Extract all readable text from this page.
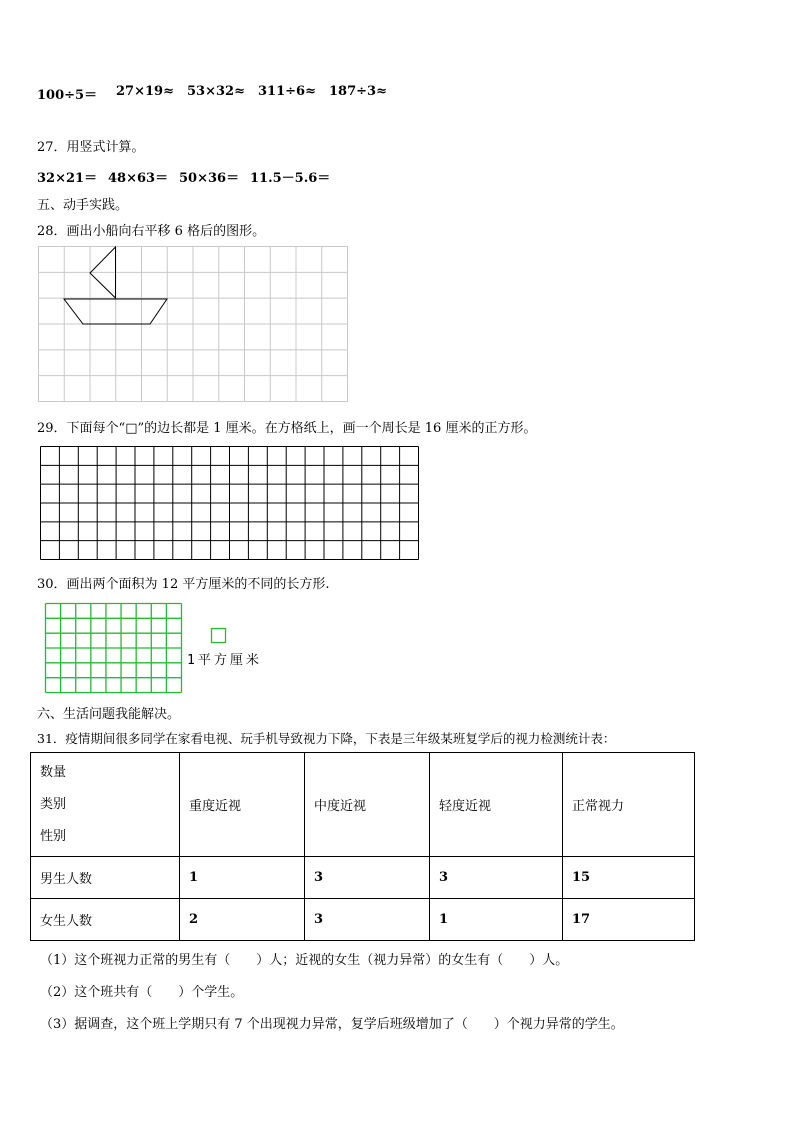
100÷5＝ 27×19≈ 53×32≈ 311÷6≈ 187÷3≈
27．用竖式计算。
32×21＝ 48×63＝ 50×36＝ 11.5－5.6＝
五、动手实践。
28．画出小船向右平移 6 格后的图形。
29．下面每个“□”的边长都是 1 厘米。在方格纸上，画一个周长是 16 厘米的正方形。
30．画出两个面积为 12 平方厘米的不同的长方形.
1平方厘米
六、生活问题我能解决。
31．疫情期间很多同学在家看电视、玩手机导致视力下降，下表是三年级某班复学后的视力检测统计表：
数量
类别
性别	重度近视	中度近视	轻度近视	正常视力
男生人数	1	3	3	15
女生人数	2	3	1	17
（1）这个班视力正常的男生有（　　）人；近视的女生（视力异常）的女生有（　　）人。
（2）这个班共有（　　）个学生。
（3）据调查，这个班上学期只有 7 个出现视力异常，复学后班级增加了（　　）个视力异常的学生。
